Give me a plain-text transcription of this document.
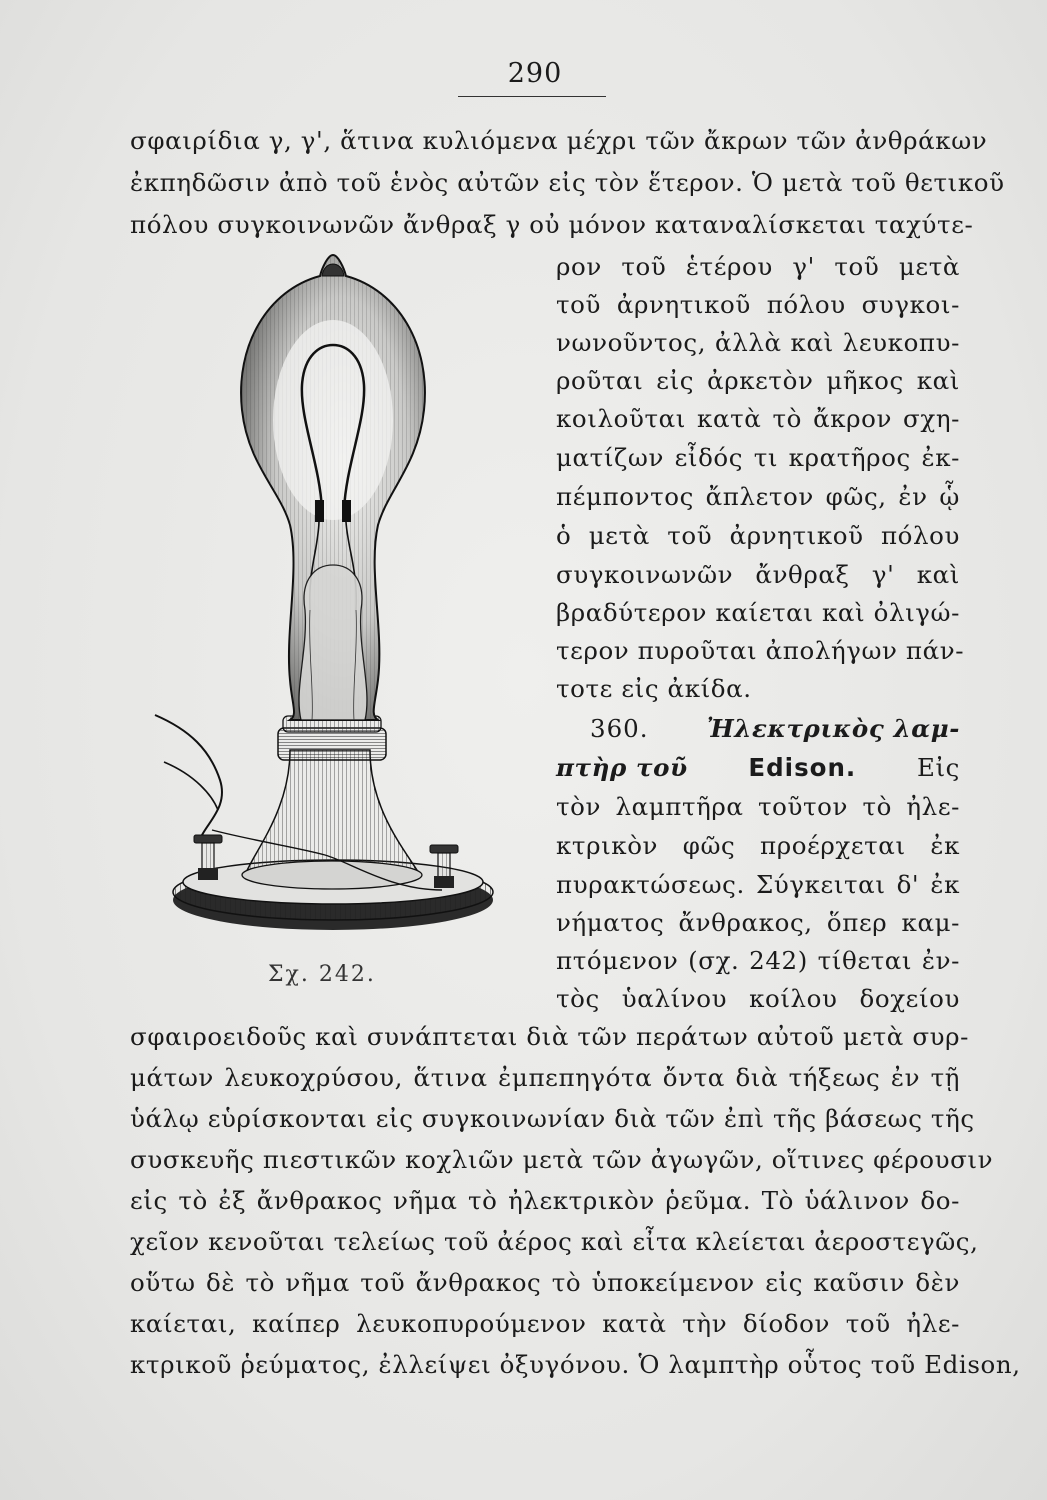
290
σφαιρίδια γ, γ', ἅτινα κυλιόμενα μέχρι τῶν ἄκρων τῶν ἀνθράκων
ἐκπηδῶσιν ἀπὸ τοῦ ἑνὸς αὐτῶν εἰς τὸν ἕτερον. Ὁ μετὰ τοῦ θετικοῦ
πόλου συγκοινωνῶν ἄνθραξ γ οὐ μόνον καταναλίσκεται ταχύτε-
ρον τοῦ ἑτέρου γ' τοῦ μετὰ
τοῦ ἀρνητικοῦ πόλου συγκοι-
νωνοῦντος, ἀλλὰ καὶ λευκοπυ-
ροῦται εἰς ἀρκετὸν μῆκος καὶ
κοιλοῦται κατὰ τὸ ἄκρον σχη-
ματίζων εἶδός τι κρατῆρος ἐκ-
πέμποντος ἄπλετον φῶς, ἐν ᾧ
ὁ μετὰ τοῦ ἀρνητικοῦ πόλου
συγκοινωνῶν ἄνθραξ γ' καὶ
βραδύτερον καίεται καὶ ὀλιγώ-
τερον πυροῦται ἀπολήγων πάν-
τοτε εἰς ἀκίδα.
360. Ἠλεκτρικὸς λαμ-
πτὴρ τοῦ Edison. Εἰς
τὸν λαμπτῆρα τοῦτον τὸ ἠλε-
κτρικὸν φῶς προέρχεται ἐκ
πυρακτώσεως. Σύγκειται δ' ἐκ
νήματος ἄνθρακος, ὅπερ καμ-
πτόμενον (σχ. 242) τίθεται ἐν-
τὸς ὑαλίνου κοίλου δοχείου
Σχ. 242.
σφαιροειδοῦς καὶ συνάπτεται διὰ τῶν περάτων αὐτοῦ μετὰ συρ-
μάτων λευκοχρύσου, ἅτινα ἐμπεπηγότα ὄντα διὰ τήξεως ἐν τῇ
ὑάλῳ εὑρίσκονται εἰς συγκοινωνίαν διὰ τῶν ἐπὶ τῆς βάσεως τῆς
συσκευῆς πιεστικῶν κοχλιῶν μετὰ τῶν ἀγωγῶν, οἵτινες φέρουσιν
εἰς τὸ ἐξ ἄνθρακος νῆμα τὸ ἠλεκτρικὸν ῥεῦμα. Τὸ ὑάλινον δο-
χεῖον κενοῦται τελείως τοῦ ἀέρος καὶ εἶτα κλείεται ἀεροστεγῶς,
οὕτω δὲ τὸ νῆμα τοῦ ἄνθρακος τὸ ὑποκείμενον εἰς καῦσιν δὲν
καίεται, καίπερ λευκοπυρούμενον κατὰ τὴν δίοδον τοῦ ἠλε-
κτρικοῦ ῥεύματος, ἐλλείψει ὀξυγόνου. Ὁ λαμπτὴρ οὗτος τοῦ Edison,
